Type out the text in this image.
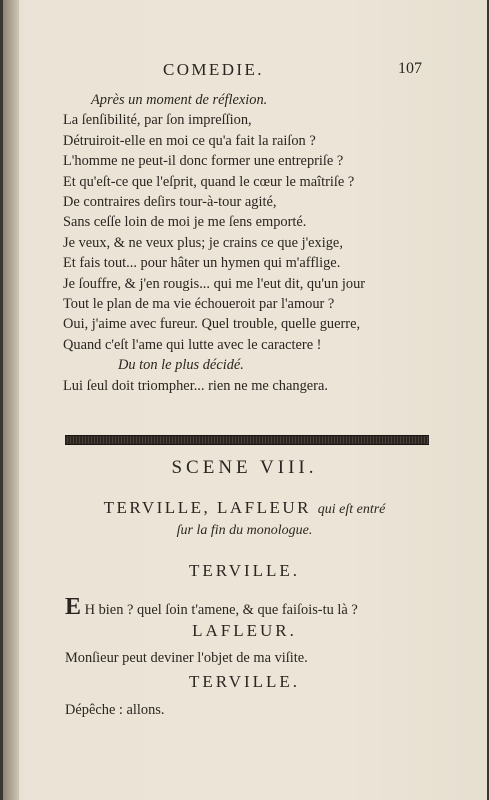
COMEDIE.	107
Après un moment de réflexion.
La ſenſibilité, par ſon impreſſion,
Détruiroit-elle en moi ce qu'a fait la raiſon ?
L'homme ne peut-il donc former une entrepriſe ?
Et qu'eſt-ce que l'eſprit, quand le cœur le maîtriſe ?
De contraires deſirs tour-à-tour agité,
Sans ceſſe loin de moi je me ſens emporté.
Je veux, & ne veux plus; je crains ce que j'exige,
Et fais tout... pour hâter un hymen qui m'afflige.
Je ſouffre, & j'en rougis... qui me l'eut dit, qu'un jour
Tout le plan de ma vie échoueroit par l'amour ?
Oui, j'aime avec fureur. Quel trouble, quelle guerre,
Quand c'eſt l'ame qui lutte avec le caractere !
Du ton le plus décidé.
Lui ſeul doit triompher... rien ne me changera.
SCENE VIII.
TERVILLE, LAFLEUR qui eſt entré
ſur la fin du monologue.
TERVILLE.
E H bien ? quel ſoin t'amene, & que faiſois-tu là ?
LAFLEUR.
Monſieur peut deviner l'objet de ma viſite.
TERVILLE.
Dépêche : allons.
